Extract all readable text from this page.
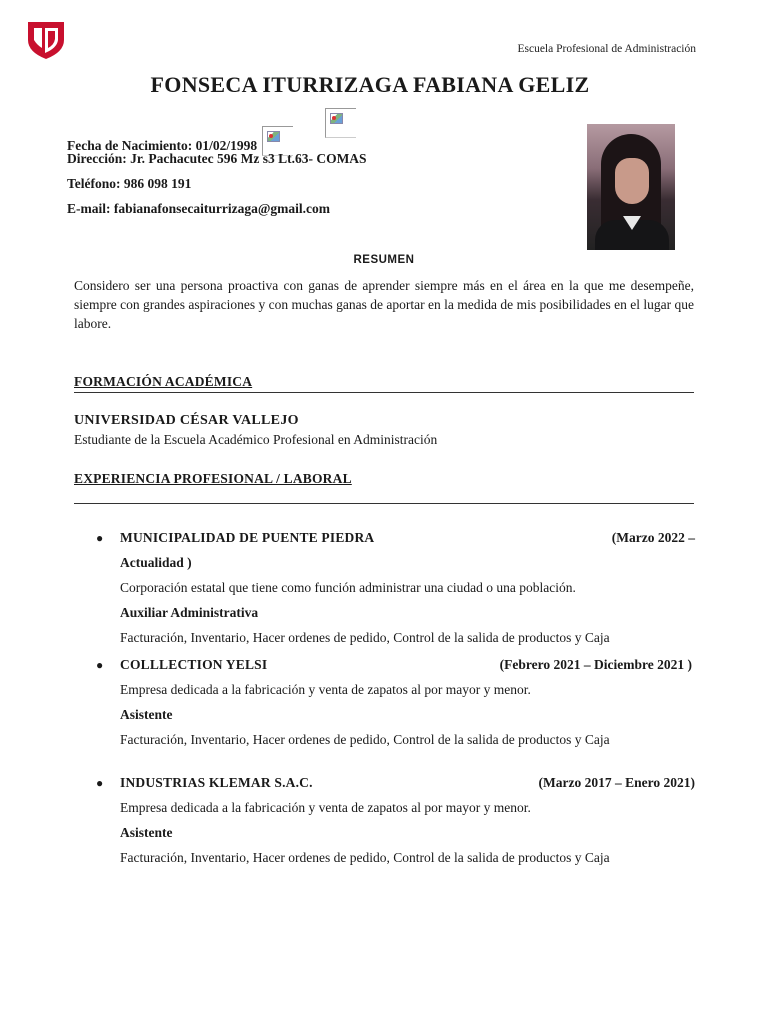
Escuela Profesional de Administración
FONSECA ITURRIZAGA FABIANA GELIZ
Fecha de Nacimiento: 01/02/1998
Dirección: Jr. Pachacutec 596 Mz s3 Lt.63- COMAS
Teléfono: 986 098 191
E-mail: fabianafonsecaiturrizaga@gmail.com
RESUMEN
Considero ser una persona proactiva con ganas de aprender siempre más en el área en la que me desempeñe, siempre con grandes aspiraciones y con muchas ganas de aportar en la medida de mis posibilidades en el lugar que labore.
FORMACIÓN ACADÉMICA
UNIVERSIDAD CÉSAR VALLEJO
Estudiante de la Escuela Académico Profesional en Administración
EXPERIENCIA PROFESIONAL / LABORAL
● MUNICIPALIDAD DE PUENTE PIEDRA	(Marzo 2022 –
Actualidad )
Corporación estatal que tiene como función administrar una ciudad o una población.
Auxiliar Administrativa
Facturación, Inventario, Hacer ordenes de pedido, Control de la salida de productos y Caja
● COLLLECTION YELSI	(Febrero 2021 – Diciembre 2021 )
Empresa dedicada a la fabricación y venta de zapatos al por mayor y menor.
Asistente
Facturación, Inventario, Hacer ordenes de pedido, Control de la salida de productos y Caja
● INDUSTRIAS KLEMAR S.A.C.	(Marzo 2017 – Enero 2021)
Empresa dedicada a la fabricación y venta de zapatos al por mayor y menor.
Asistente
Facturación, Inventario, Hacer ordenes de pedido, Control de la salida de productos y Caja
